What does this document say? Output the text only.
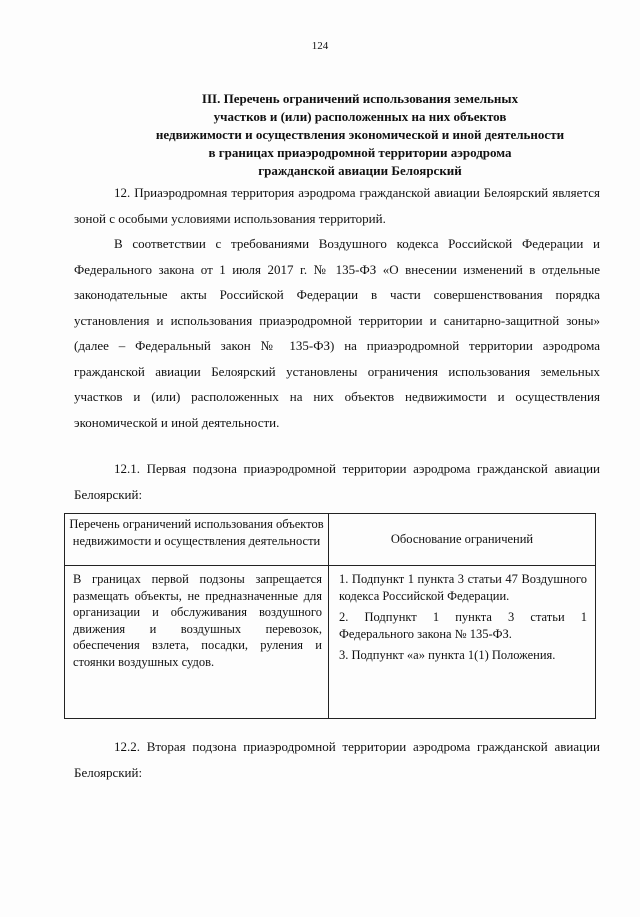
124
III. Перечень ограничений использования земельных
участков и (или) расположенных на них объектов
недвижимости и осуществления экономической и иной деятельности
в границах приаэродромной территории аэродрома
гражданской авиации Белоярский

12. Приаэродромная территория аэродрома гражданской авиации Белоярский является зоной с особыми условиями использования территорий.

В соответствии с требованиями Воздушного кодекса Российской Федерации и Федерального закона от 1 июля 2017 г. № 135-ФЗ «О внесении изменений в отдельные законодательные акты Российской Федерации в части совершенствования порядка установления и использования приаэродромной территории и санитарно-защитной зоны» (далее – Федеральный закон № 135-ФЗ) на приаэродромной территории аэродрома гражданской авиации Белоярский установлены ограничения использования земельных участков и (или) расположенных на них объектов недвижимости и осуществления экономической и иной деятельности.

12.1. Первая подзона приаэродромной территории аэродрома гражданской авиации Белоярский:

Перечень ограничений использования объектов недвижимости и осуществления деятельности	Обоснование ограничений
В границах первой подзоны запрещается размещать объекты, не предназначенные для организации и обслуживания воздушного движения и воздушных перевозок, обеспечения взлета, посадки, руления и стоянки воздушных судов.

1. Подпункт 1 пункта 3 статьи 47 Воздушного кодекса Российской Федерации.

2. Подпункт 1 пункта 3 статьи 1 Федерального закона № 135-ФЗ.

3. Подпункт «а» пункта 1(1) Положения.

12.2. Вторая подзона приаэродромной территории аэродрома гражданской авиации Белоярский:
